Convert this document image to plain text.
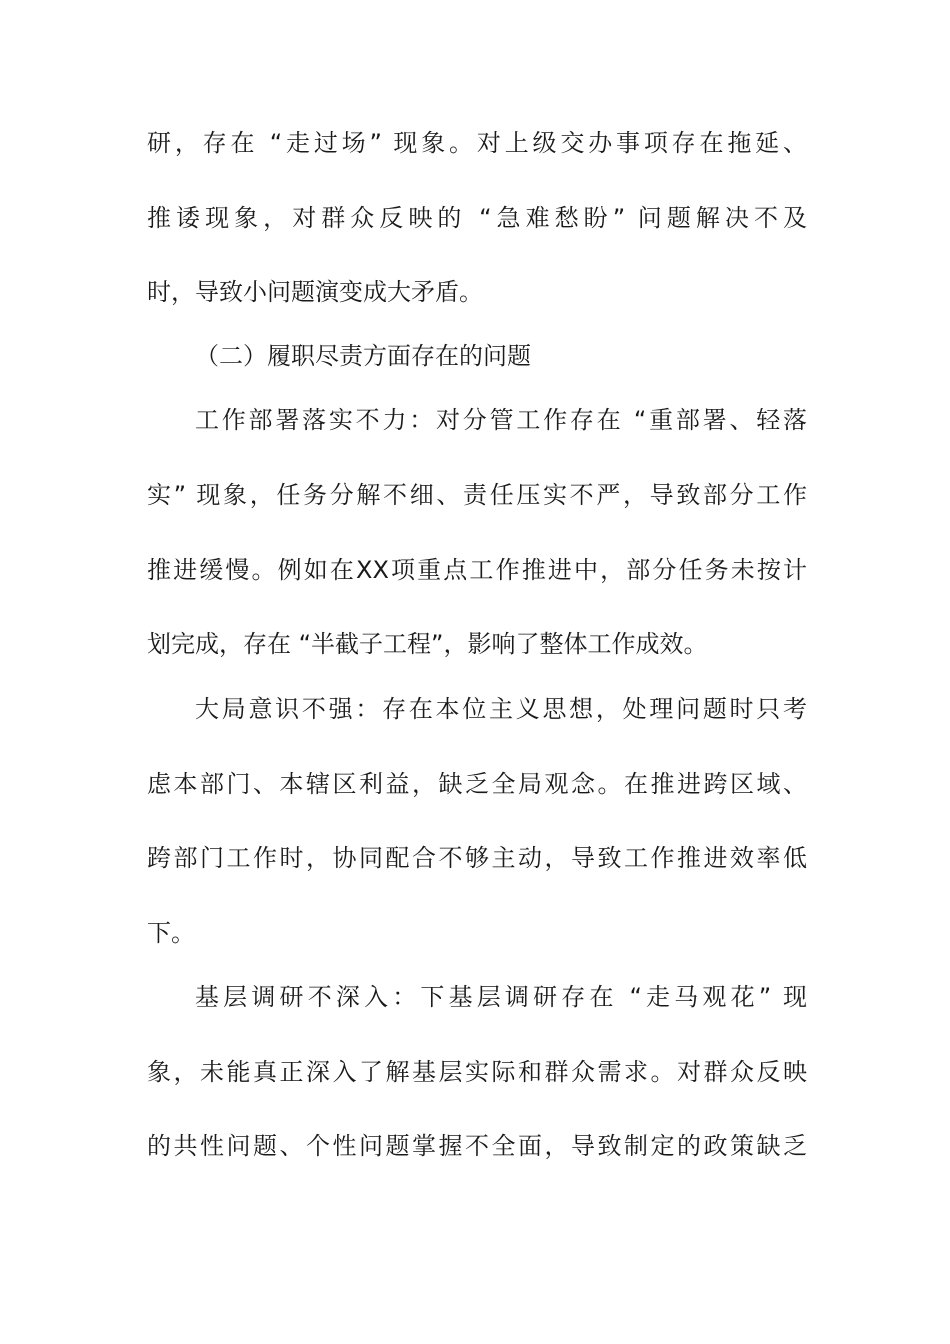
研，存在 “走过场” 现象。对上级交办事项存在拖延、
推诿现象，对群众反映的 “急难愁盼” 问题解决不及
时，导致小问题演变成大矛盾。
（二）履职尽责方面存在的问题
工作部署落实不力：对分管工作存在 “重部署、轻落
实” 现象，任务分解不细、责任压实不严，导致部分工作
推进缓慢。例如在XX项重点工作推进中，部分任务未按计
划完成，存在 “半截子工程”，影响了整体工作成效。
大局意识不强：存在本位主义思想，处理问题时只考
虑本部门、本辖区利益，缺乏全局观念。在推进跨区域、
跨部门工作时，协同配合不够主动，导致工作推进效率低
下。
基层调研不深入：下基层调研存在 “走马观花” 现
象，未能真正深入了解基层实际和群众需求。对群众反映
的共性问题、个性问题掌握不全面，导致制定的政策缺乏
